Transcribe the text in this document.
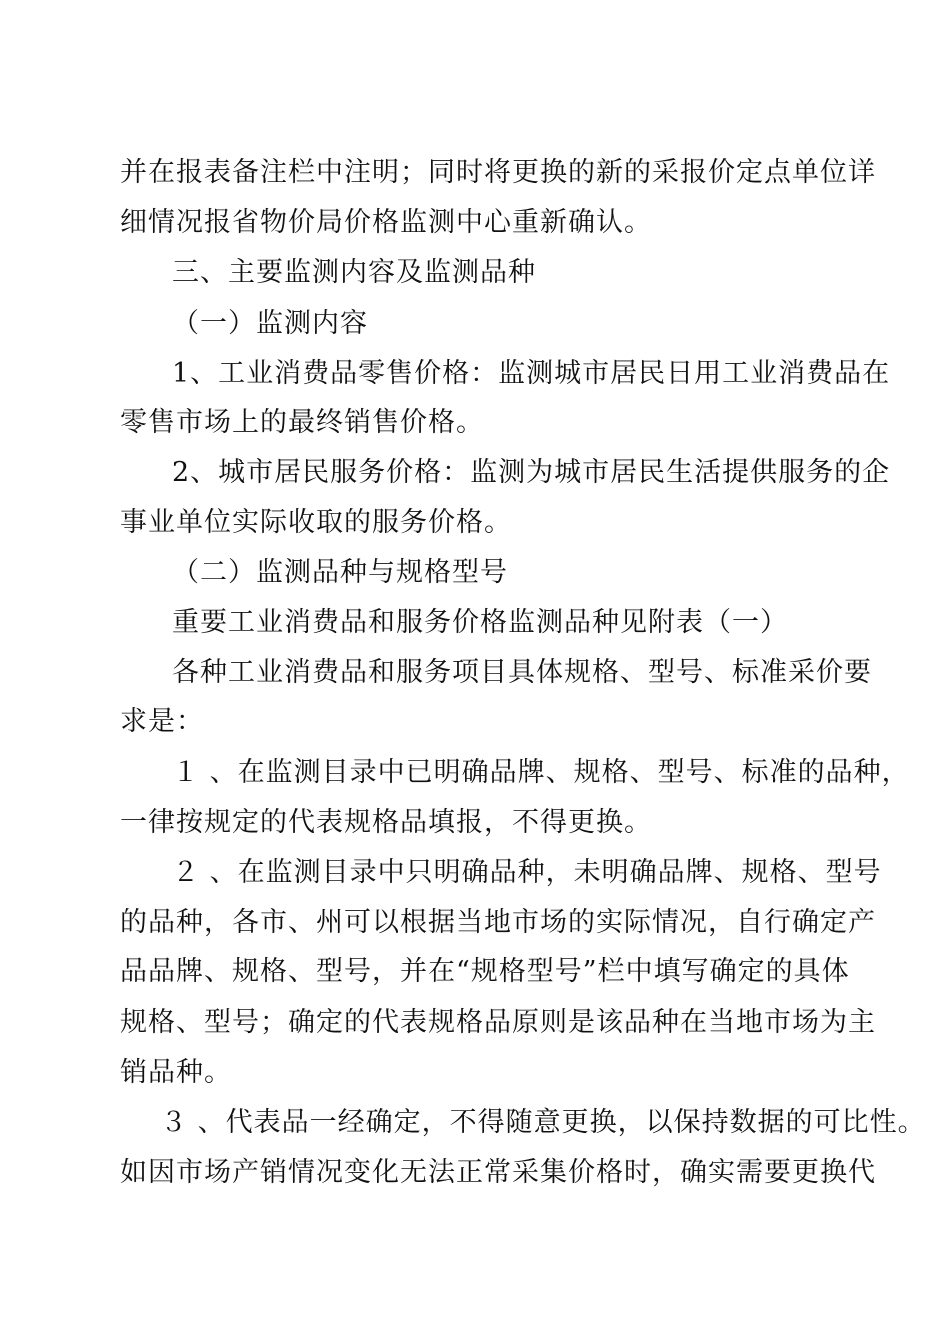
并在报表备注栏中注明；同时将更换的新的采报价定点单位详
细情况报省物价局价格监测中心重新确认。
三、主要监测内容及监测品种
（一）监测内容
1、工业消费品零售价格：监测城市居民日用工业消费品在
零售市场上的最终销售价格。
2、城市居民服务价格：监测为城市居民生活提供服务的企
事业单位实际收取的服务价格。
（二）监测品种与规格型号
重要工业消费品和服务价格监测品种见附表（一）
各种工业消费品和服务项目具体规格、型号、标准采价要
求是：
１ 、在监测目录中已明确品牌、规格、型号、标准的品种，
一律按规定的代表规格品填报，不得更换。
２ 、在监测目录中只明确品种，未明确品牌、规格、型号
的品种，各市、州可以根据当地市场的实际情况，自行确定产
品品牌、规格、型号，并在“规格型号”栏中填写确定的具体
规格、型号；确定的代表规格品原则是该品种在当地市场为主
销品种。
３ 、代表品一经确定，不得随意更换，以保持数据的可比性。
如因市场产销情况变化无法正常采集价格时，确实需要更换代
